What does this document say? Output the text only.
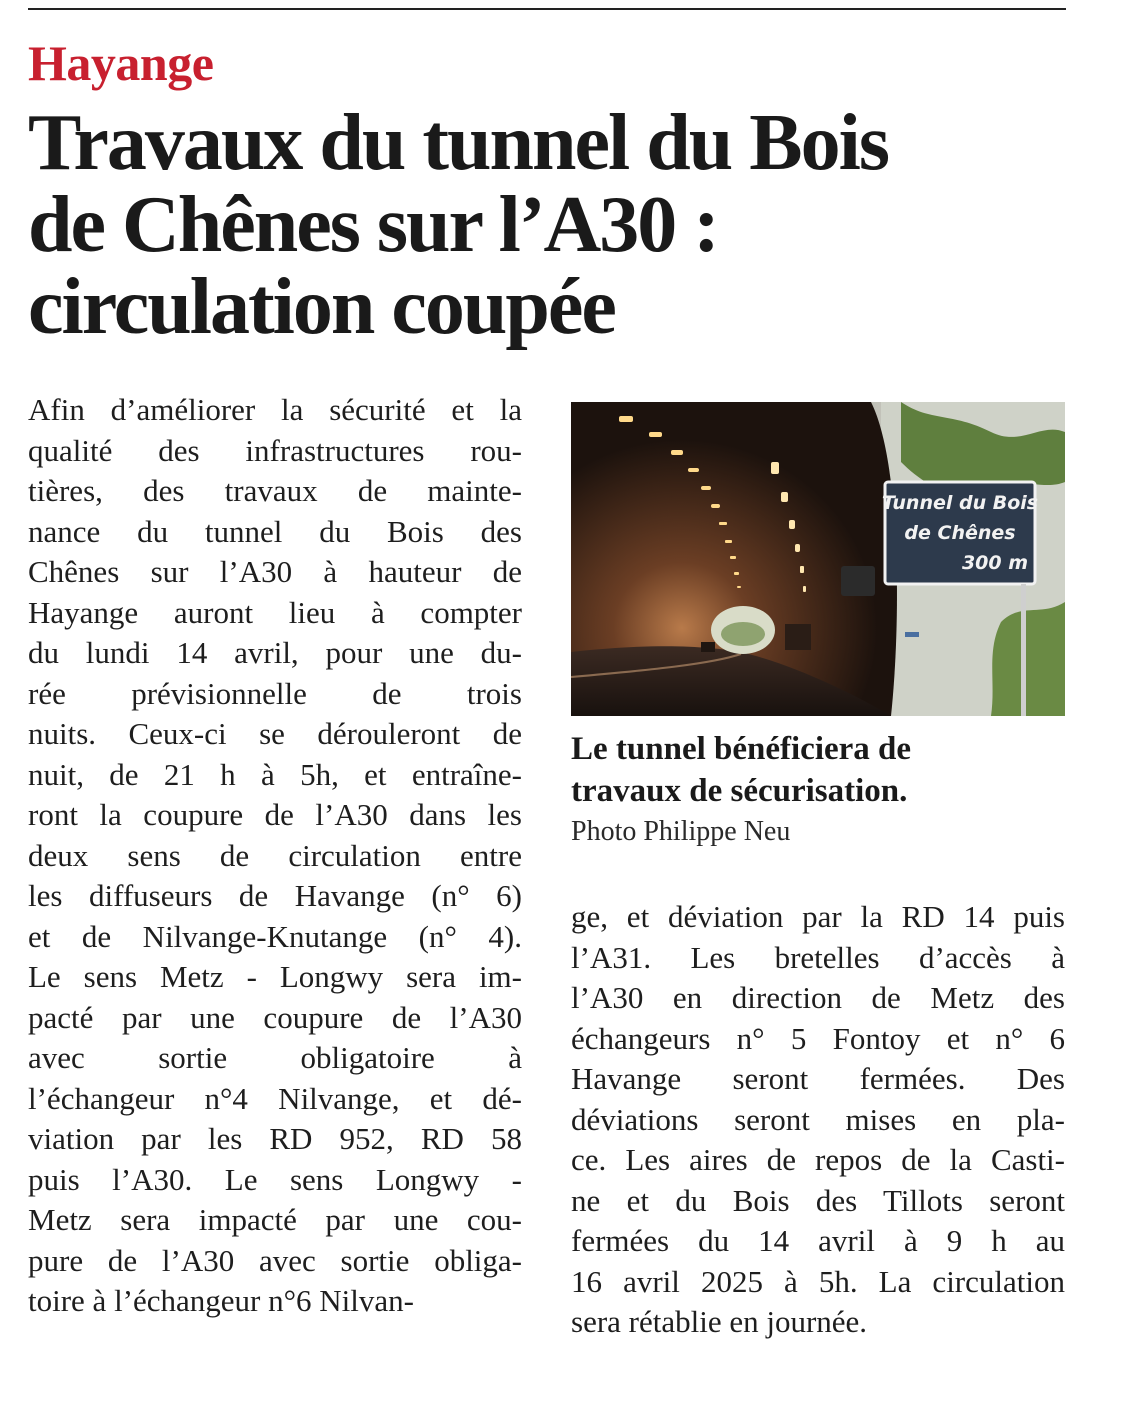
Hayange
Travaux du tunnel du Bois
de Chênes sur l’A30 :
circulation coupée
Afin d’améliorer la sécurité et la
qualité des infrastructures rou-
tières, des travaux de mainte-
nance du tunnel du Bois des
Chênes sur l’A30 à hauteur de
Hayange auront lieu à compter
du lundi 14 avril, pour une du-
rée prévisionnelle de trois
nuits. Ceux-ci se dérouleront de
nuit, de 21 h à 5h, et entraîne-
ront la coupure de l’A30 dans les
deux sens de circulation entre
les diffuseurs de Havange (n° 6)
et de Nilvange-Knutange (n° 4).
Le sens Metz - Longwy sera im-
pacté par une coupure de l’A30
avec sortie obligatoire à
l’échangeur n°4 Nilvange, et dé-
viation par les RD 952, RD 58
puis l’A30. Le sens Longwy -
Metz sera impacté par une cou-
pure de l’A30 avec sortie obliga-
toire à l’échangeur n°6 Nilvan-
Tunnel du Bois
de Chênes
300 m

Le tunnel bénéficiera de
travaux de sécurisation.

Photo Philippe Neu

ge, et déviation par la RD 14 puis
l’A31. Les bretelles d’accès à
l’A30 en direction de Metz des
échangeurs n° 5 Fontoy et n° 6
Havange seront fermées. Des
déviations seront mises en pla-
ce. Les aires de repos de la Casti-
ne et du Bois des Tillots seront
fermées du 14 avril à 9 h au
16 avril 2025 à 5h. La circulation
sera rétablie en journée.
